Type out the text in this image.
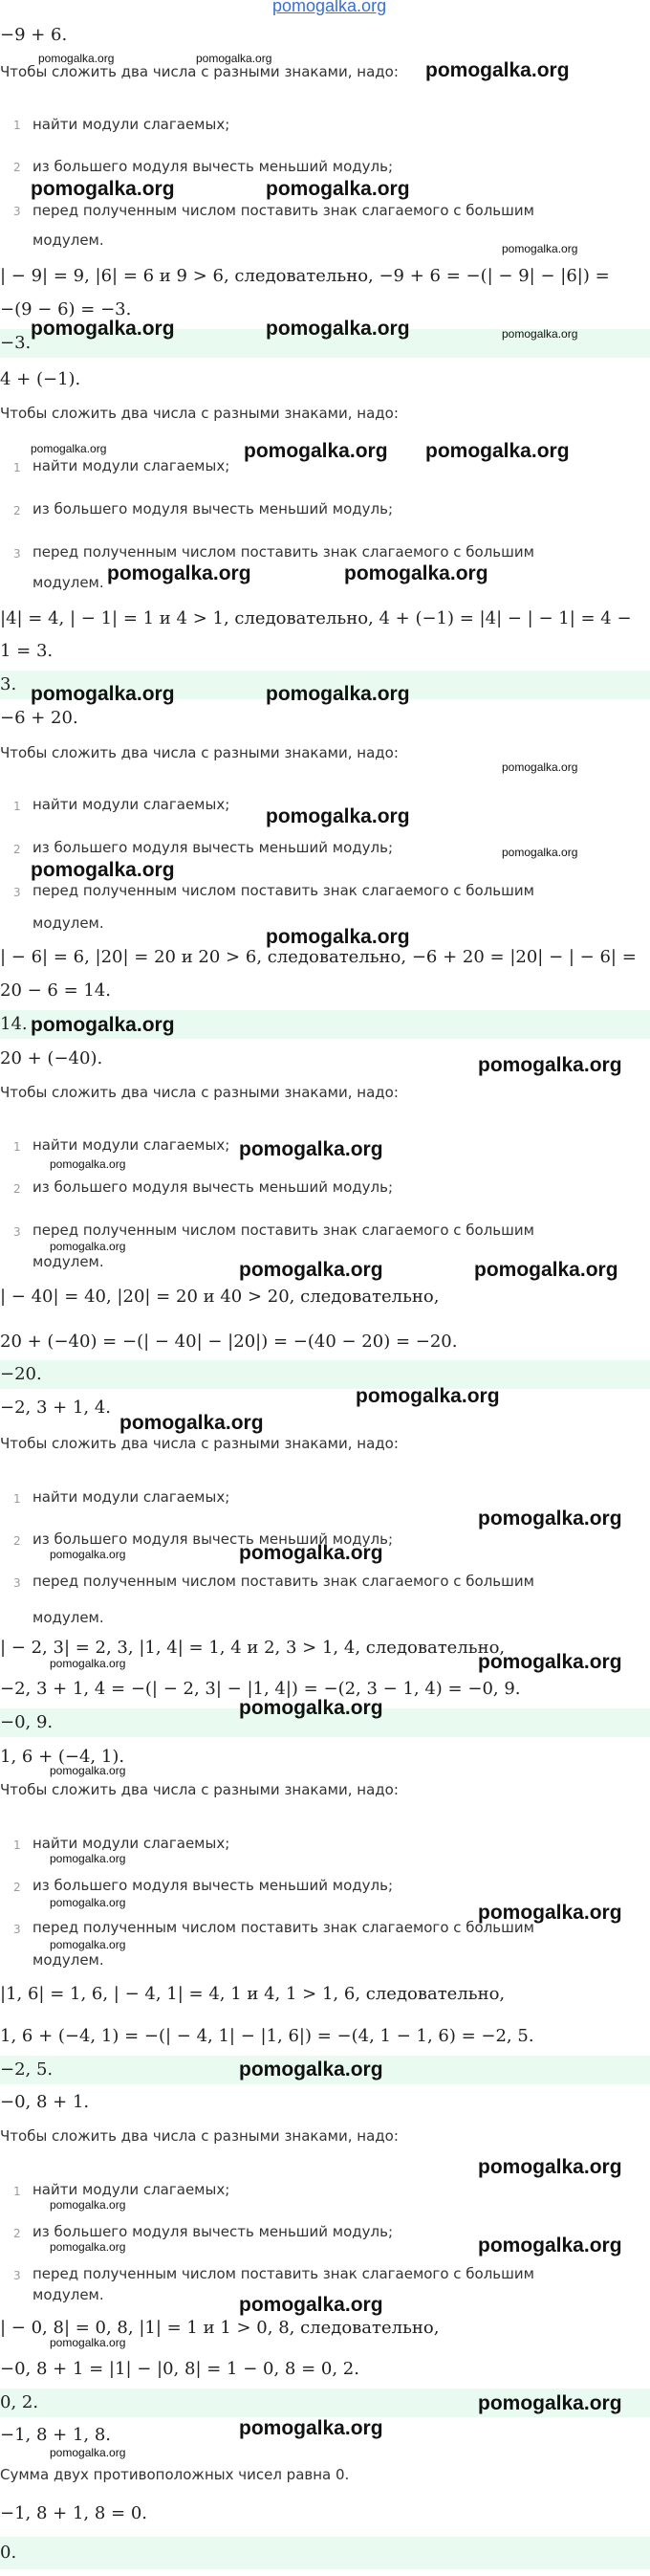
pomogalka.org
−9 + 6.
pomogalka.org	pomogalka.org
Чтобы сложить два числа с разными знаками, надо: pomogalka.org
1 найти модули слагаемых;
2 из большего модуля вычесть меньший модуль;
pomogalka.org	pomogalka.org
3 перед полученным числом поставить знак слагаемого с большим
модулем.	pomogalka.org
| − 9| = 9, |6| = 6 и 9 > 6, следовательно, −9 + 6 = −(| − 9| − |6|) =
−(9 − 6) = −3.
−3.
pomogalka.org	pomogalka.org	pomogalka.org
4 + (−1).
Чтобы сложить два числа с разными знаками, надо:
pomogalka.org	pomogalka.org pomogalka.org
1 найти модули слагаемых;
2 из большего модуля вычесть меньший модуль;
3 перед полученным числом поставить знак слагаемого с большим
модулем. pomogalka.org	pomogalka.org
|4| = 4, | − 1| = 1 и 4 > 1, следовательно, 4 + (−1) = |4| − | − 1| = 4 −
1 = 3.
3. pomogalka.org	pomogalka.org
−6 + 20.
Чтобы сложить два числа с разными знаками, надо:
pomogalka.org
1 найти модули слагаемых;
pomogalka.org
2 из большего модуля вычесть меньший модуль;	pomogalka.org
pomogalka.org
3 перед полученным числом поставить знак слагаемого с большим
модулем.
pomogalka.org
| − 6| = 6, |20| = 20 и 20 > 6, следовательно, −6 + 20 = |20| − | − 6| =
20 − 6 = 14.
14. pomogalka.org
20 + (−40).	pomogalka.org
Чтобы сложить два числа с разными знаками, надо:
1 найти модули слагаемых; pomogalka.org
pomogalka.org
2 из большего модуля вычесть меньший модуль;
3 перед полученным числом поставить знак слагаемого с большим
pomogalka.org
модулем.	pomogalka.org	pomogalka.org
| − 40| = 40, |20| = 20 и 40 > 20, следовательно,
20 + (−40) = −(| − 40| − |20|) = −(40 − 20) = −20.
−20.
pomogalka.org
−2, 3 + 1, 4.
pomogalka.org
Чтобы сложить два числа с разными знаками, надо:
1 найти модули слагаемых;
pomogalka.org
2 из большего модуля вычесть меньший модуль;
pomogalka.org	pomogalka.org
3 перед полученным числом поставить знак слагаемого с большим
модулем.
| − 2, 3| = 2, 3, |1, 4| = 1, 4 и 2, 3 > 1, 4, следовательно,
pomogalka.org
pomogalka.org
−2, 3 + 1, 4 = −(| − 2, 3| − |1, 4|) = −(2, 3 − 1, 4) = −0, 9.
−0, 9.
pomogalka.org
1, 6 + (−4, 1).
pomogalka.org
Чтобы сложить два числа с разными знаками, надо:
1 найти модули слагаемых;
pomogalka.org
2 из большего модуля вычесть меньший модуль;
pomogalka.org	pomogalka.org
3 перед полученным числом поставить знак слагаемого с большим
pomogalka.org
модулем.
|1, 6| = 1, 6, | − 4, 1| = 4, 1 и 4, 1 > 1, 6, следовательно,
1, 6 + (−4, 1) = −(| − 4, 1| − |1, 6|) = −(4, 1 − 1, 6) = −2, 5.
−2, 5.	pomogalka.org
−0, 8 + 1.
Чтобы сложить два числа с разными знаками, надо:
pomogalka.org
1 найти модули слагаемых;
pomogalka.org
2 из большего модуля вычесть меньший модуль;
pomogalka.org	pomogalka.org
3 перед полученным числом поставить знак слагаемого с большим
модулем.	pomogalka.org
| − 0, 8| = 0, 8, |1| = 1 и 1 > 0, 8, следовательно,
pomogalka.org
−0, 8 + 1 = |1| − |0, 8| = 1 − 0, 8 = 0, 2.
0, 2.	pomogalka.org
−1, 8 + 1, 8.	pomogalka.org
pomogalka.org
Сумма двух противоположных чисел равна 0.
−1, 8 + 1, 8 = 0.
0.
